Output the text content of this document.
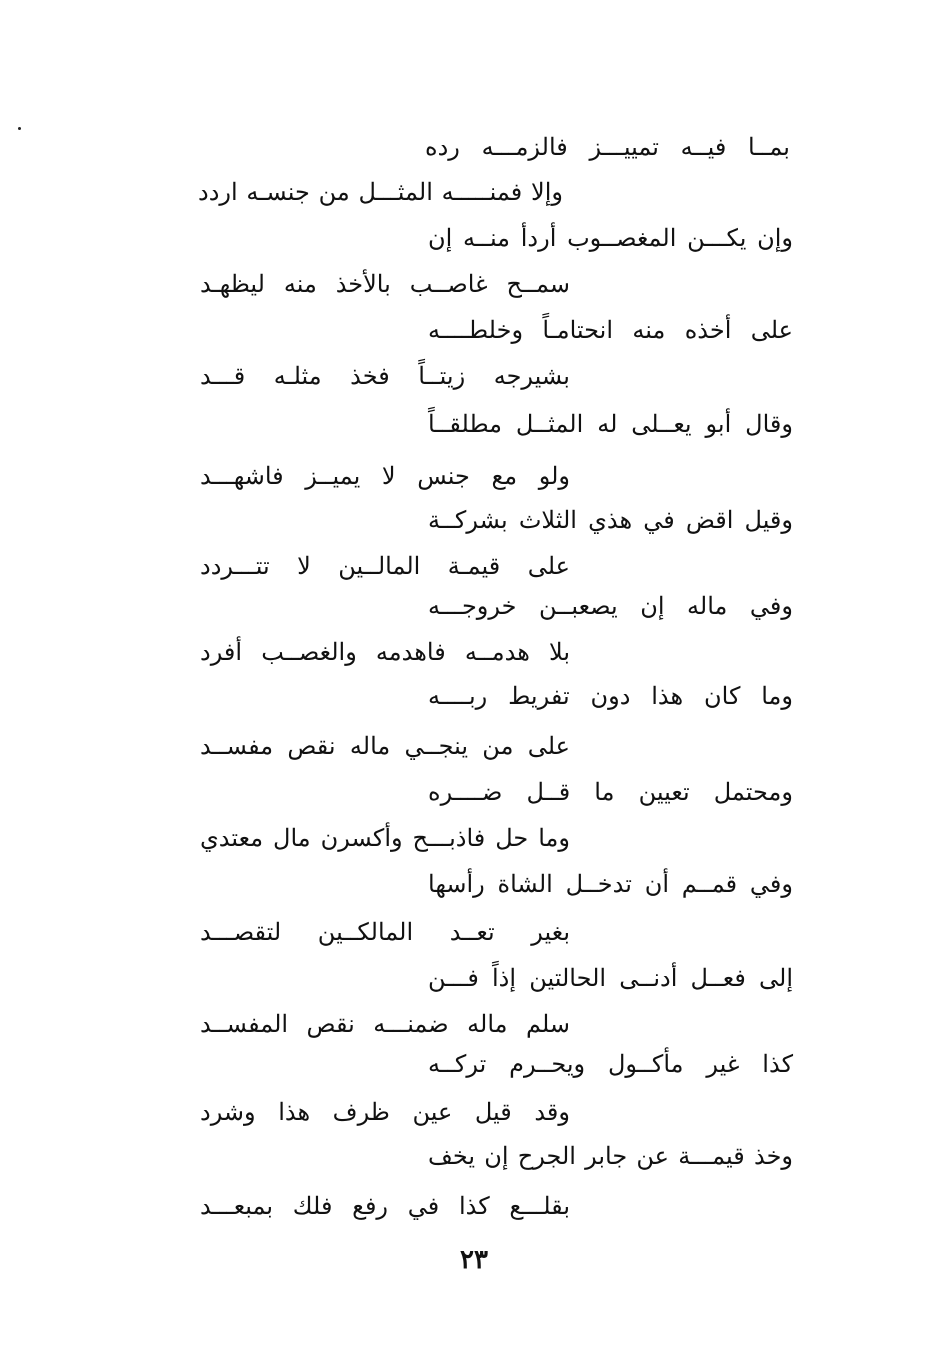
بمــا فيــه تمييـــز فالزمـــه رده
وإلا فمنـــــه المثـــل من جنسـه اردد
وإن يكـــن المغصــوب أردأ منــه إن
سمــح غاصــب بالأخذ منه ليظهـد
على أخذه منه انحتامـاً وخلطــــه
بشيرجه زيتــاً فخذ مثلـه قـــد
وقال أبو يعــلى له المثــل مطلقــاً
ولو مع جنس لا يميــز فاشهـــد
وقيل اقض في هذي الثلاث بشركــة
على قيمـة المالــين لا تتـــردد
وفي ماله إن يصعبــن خروجـــه
بلا هدمــه فاهدمه والغصــب أفرد
وما كان هذا دون تفريط ربــــه
على من ينجــي ماله نقص مفســد
ومحتمل تعيين ما قــل ضــــره
وما حل فاذبـــح وأكسرن مال معتدي
وفي قمــم أن تدخــل الشاة رأسها
بغير تعــد المالكــين لتقصـــد
إلى فعــل أدنــى الحالتين إذاً فـــن
سلم ماله ضمنـــه نقص المفســد
كذا غير مأكــول ويحــرم تركــه
وقد قيل عين ظرف هذا وشرد
وخذ قيمـــة عن جابر الجرح إن يخف
بقلـــع كذا في رفع فلك بمبعـــد
٢٣
